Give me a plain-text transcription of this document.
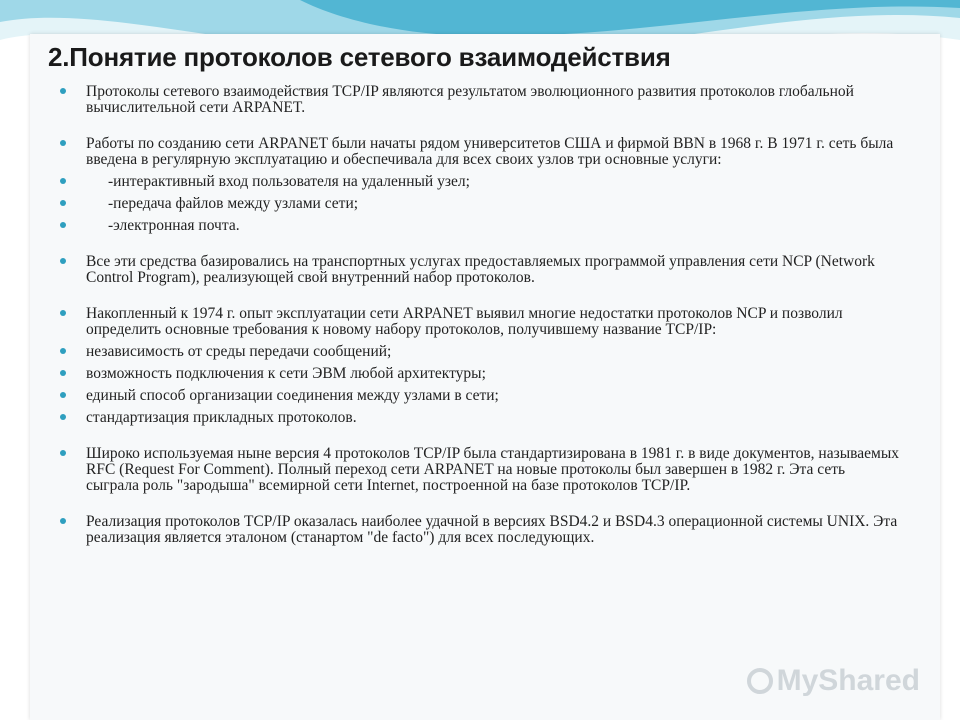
2.Понятие протоколов сетевого взаимодействия
Протоколы сетевого взаимодействия TCP/IP являются результатом эволюционного развития протоколов глобальной вычислительной сети ARPANET.
Работы по созданию сети ARPANET были начаты рядом университетов США и фирмой BBN в 1968 г. В 1971 г. сеть была введена в регулярную эксплуатацию и обеспечивала для всех своих узлов три основные услуги:
-интерактивный вход пользователя на удаленный узел;
-передача файлов между узлами сети;
-электронная почта.
Все эти средства базировались на транспортных услугах предоставляемых программой управления сети NCP (Network Control Program), реализующей свой внутренний набор протоколов.
Накопленный к 1974 г. опыт эксплуатации сети ARPANET выявил многие недостатки протоколов NCP и позволил определить основные требования к новому набору протоколов, получившему название TCP/IP:
независимость от среды передачи сообщений;
возможность подключения к сети ЭВМ любой архитектуры;
единый способ организации соединения между узлами в сети;
стандартизация прикладных протоколов.
Широко используемая ныне версия 4 протоколов TCP/IP была стандартизирована в 1981 г. в виде документов, называемых RFC (Request For Comment). Полный переход сети ARPANET на новые протоколы был завершен в 1982 г. Эта сеть сыграла роль "зародыша" всемирной сети Internet, построенной на базе протоколов TCP/IP.
Реализация протоколов TCP/IP оказалась наиболее удачной в версиях BSD4.2 и BSD4.3 операционной системы UNIX. Эта реализация является эталоном (станартом "de facto") для всех последующих.
MyShared
